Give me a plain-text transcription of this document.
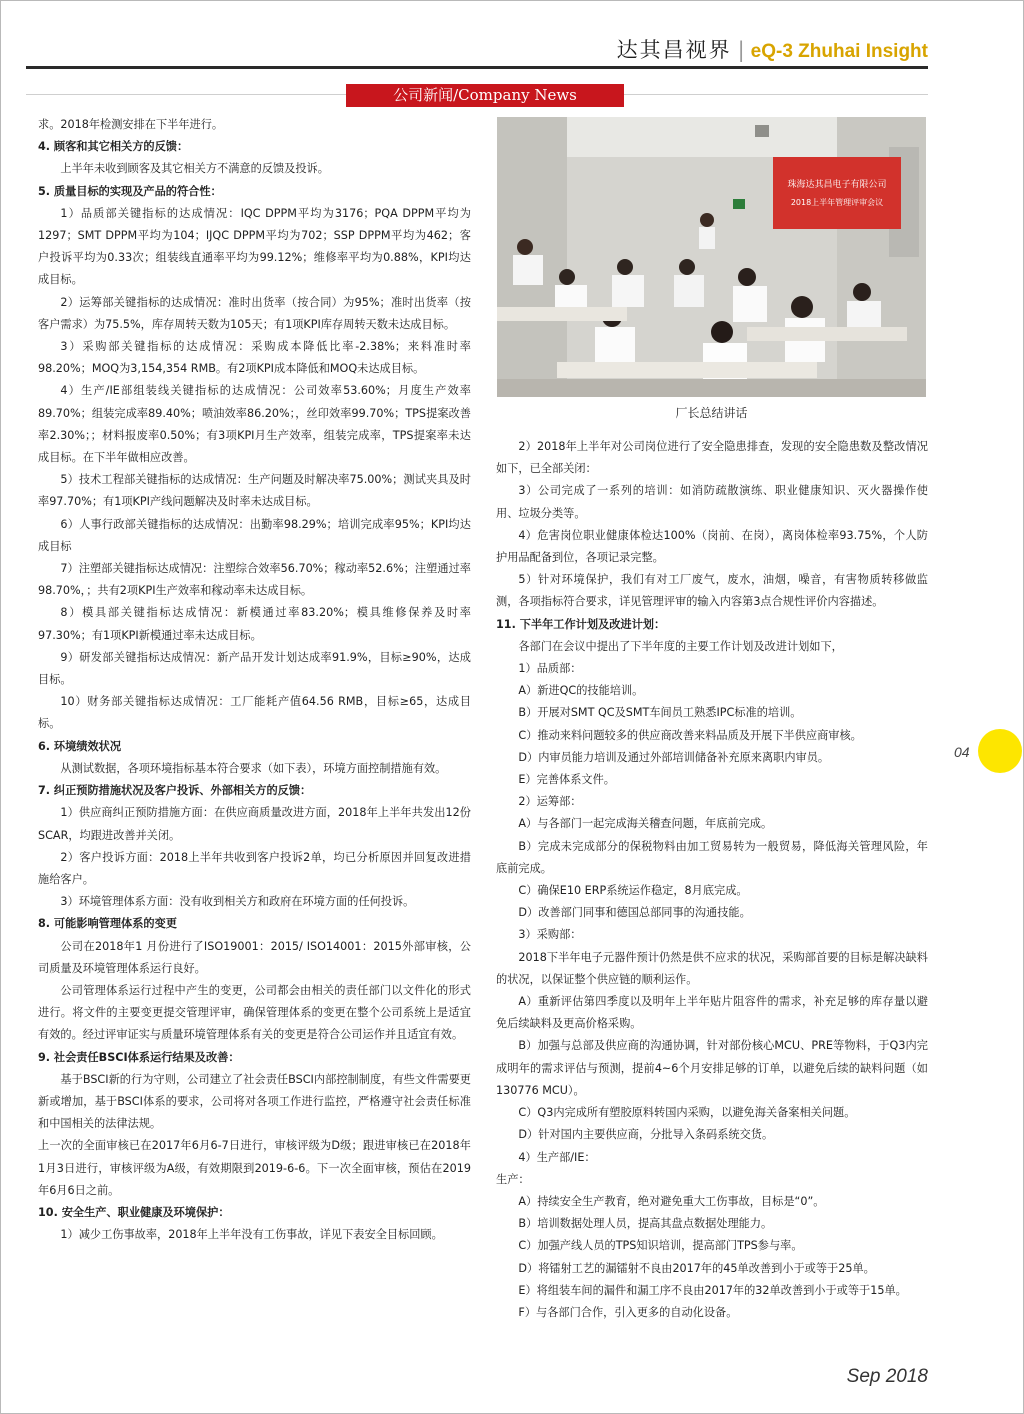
达其昌视界 | eQ-3 Zhuhai Insight
公司新闻/Company News

求。2018年检测安排在下半年进行。

4. 顾客和其它相关方的反馈：

上半年未收到顾客及其它相关方不满意的反馈及投诉。

5. 质量目标的实现及产品的符合性：

1）品质部关键指标的达成情况：IQC DPPM平均为3176；PQA DPPM平均为1297；SMT DPPM平均为104；IJQC DPPM平均为702；SSP DPPM平均为462；客户投诉平均为0.33次；组装线直通率平均为99.12%；维修率平均为0.88%，KPI均达成目标。

2）运筹部关键指标的达成情况：准时出货率（按合同）为95%；准时出货率（按客户需求）为75.5%，库存周转天数为105天；有1项KPI库存周转天数未达成目标。

3）采购部关键指标的达成情况：采购成本降低比率-2.38%；来料准时率98.20%；MOQ为3,154,354 RMB。有2项KPI成本降低和MOQ未达成目标。

4）生产/IE部组装线关键指标的达成情况：公司效率53.60%；月度生产效率89.70%；组装完成率89.40%；喷油效率86.20%；，丝印效率99.70%；TPS提案改善率2.30%；；材料报废率0.50%；有3项KPI月生产效率，组装完成率，TPS提案率未达成目标。在下半年做相应改善。

5）技术工程部关键指标的达成情况：生产问题及时解决率75.00%；测试夹具及时率97.70%；有1项KPI产线问题解决及时率未达成目标。

6）人事行政部关键指标的达成情况：出勤率98.29%；培训完成率95%；KPI均达成目标

7）注塑部关键指标达成情况：注塑综合效率56.70%；稼动率52.6%；注塑通过率98.70%，；共有2项KPI生产效率和稼动率未达成目标。

8）模具部关键指标达成情况：新模通过率83.20%；模具维修保养及时率97.30%；有1项KPI新模通过率未达成目标。

9）研发部关键指标达成情况：新产品开发计划达成率91.9%，目标≥90%，达成目标。

10）财务部关键指标达成情况：工厂能耗产值64.56 RMB，目标≥65，达成目标。

6. 环境绩效状况

从测试数据，各项环境指标基本符合要求（如下表），环境方面控制措施有效。

7. 纠正预防措施状况及客户投诉、外部相关方的反馈：

1）供应商纠正预防措施方面：在供应商质量改进方面，2018年上半年共发出12份SCAR，均跟进改善并关闭。

2）客户投诉方面：2018上半年共收到客户投诉2单，均已分析原因并回复改进措施给客户。

3）环境管理体系方面：没有收到相关方和政府在环境方面的任何投诉。

8. 可能影响管理体系的变更

公司在2018年1 月份进行了ISO19001：2015/ ISO14001：2015外部审核，公司质量及环境管理体系运行良好。

公司管理体系运行过程中产生的变更，公司都会由相关的责任部门以文件化的形式进行。将文件的主要变更提交管理评审，确保管理体系的变更在整个公司系统上是适宜有效的。经过评审证实与质量环境管理体系有关的变更是符合公司运作并且适宜有效。

9. 社会责任BSCI体系运行结果及改善：

基于BSCI新的行为守则，公司建立了社会责任BSCI内部控制制度，有些文件需要更新或增加，基于BSCI体系的要求，公司将对各项工作进行监控，严格遵守社会责任标准和中国相关的法律法规。

上一次的全面审核已在2017年6月6-7日进行，审核评级为D级；跟进审核已在2018年1月3日进行，审核评级为A级，有效期限到2019-6-6。下一次全面审核，预估在2019年6月6日之前。

10. 安全生产、职业健康及环境保护：

1）减少工伤事故率，2018年上半年没有工伤事故，详见下表安全目标回顾。

珠海达其昌电子有限公司
2018上半年管理评审会议
厂长总结讲话

2）2018年上半年对公司岗位进行了安全隐患排查，发现的安全隐患数及整改情况如下，已全部关闭：

3）公司完成了一系列的培训：如消防疏散演练、职业健康知识、灭火器操作使用、垃圾分类等。

4）危害岗位职业健康体检达100%（岗前、在岗），离岗体检率93.75%，个人防护用品配备到位，各项记录完整。

5）针对环境保护，我们有对工厂废气，废水，油烟，噪音，有害物质转移做监测，各项指标符合要求，详见管理评审的输入内容第3点合规性评价内容描述。

11. 下半年工作计划及改进计划：

各部门在会议中提出了下半年度的主要工作计划及改进计划如下，

1）品质部：

A）新进QC的技能培训。

B）开展对SMT QC及SMT车间员工熟悉IPC标准的培训。

C）推动来料问题较多的供应商改善来料品质及开展下半供应商审核。

D）内审员能力培训及通过外部培训储备补充原来离职内审员。

E）完善体系文件。

2）运筹部：

A）与各部门一起完成海关稽查问题，年底前完成。

B）完成未完成部分的保税物料由加工贸易转为一般贸易，降低海关管理风险，年底前完成。

C）确保E10 ERP系统运作稳定，8月底完成。

D）改善部门同事和德国总部同事的沟通技能。

3）采购部：

2018下半年电子元器件预计仍然是供不应求的状况，采购部首要的目标是解决缺料的状况，以保证整个供应链的顺利运作。

A）重新评估第四季度以及明年上半年贴片阻容件的需求，补充足够的库存量以避免后续缺料及更高价格采购。

B）加强与总部及供应商的沟通协调，针对部份核心MCU、PRE等物料，于Q3内完成明年的需求评估与预测，提前4~6个月安排足够的订单，以避免后续的缺料问题（如130776 MCU）。

C）Q3内完成所有塑胶原料转国内采购，以避免海关备案相关问题。

D）针对国内主要供应商，分批导入条码系统交货。

4）生产部/IE：

生产：

A）持续安全生产教育，绝对避免重大工伤事故，目标是“0”。

B）培训数据处理人员，提高其盘点数据处理能力。

C）加强产线人员的TPS知识培训，提高部门TPS参与率。

D）将镭射工艺的漏镭射不良由2017年的45单改善到小于或等于25单。

E）将组装车间的漏件和漏工序不良由2017年的32单改善到小于或等于15单。

F）与各部门合作，引入更多的自动化设备。

04
Sep 2018
